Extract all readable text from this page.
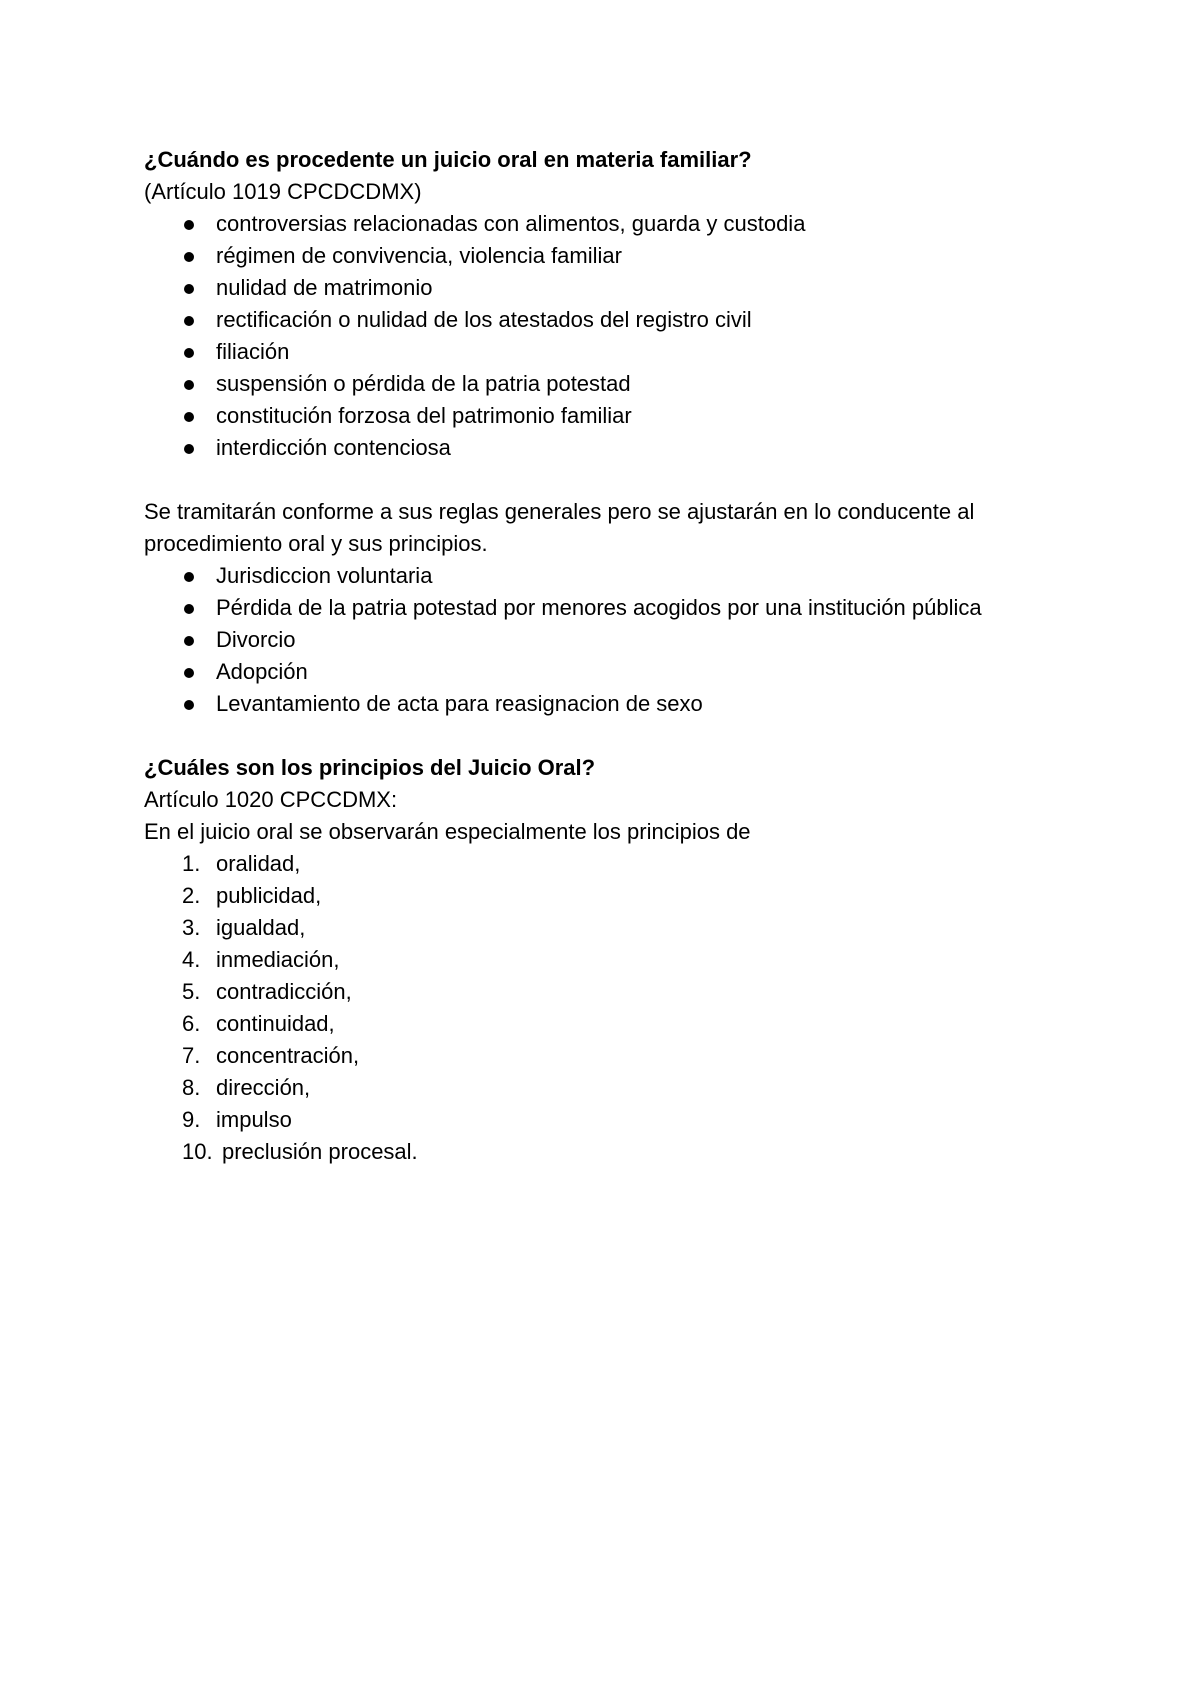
¿Cuándo es procedente un juicio oral en materia familiar?

(Artículo 1019 CPCDCDMX)

controversias relacionadas con alimentos, guarda y custodia
régimen de convivencia, violencia familiar
nulidad de matrimonio
rectificación o nulidad de los atestados del registro civil
filiación
suspensión o pérdida de la patria potestad
constitución forzosa del patrimonio familiar
interdicción contenciosa

Se tramitarán conforme a sus reglas generales pero se ajustarán en lo conducente al procedimiento oral y sus principios.

Jurisdiccion voluntaria
Pérdida de la patria potestad por menores acogidos por una institución pública
Divorcio
Adopción
Levantamiento de acta para reasignacion de sexo

¿Cuáles son los principios del Juicio Oral?

Artículo 1020 CPCCDMX:

En el juicio oral se observarán especialmente los principios de

1. oralidad,
2. publicidad,
3. igualdad,
4. inmediación,
5. contradicción,
6. continuidad,
7. concentración,
8. dirección,
9. impulso
10. preclusión procesal.
